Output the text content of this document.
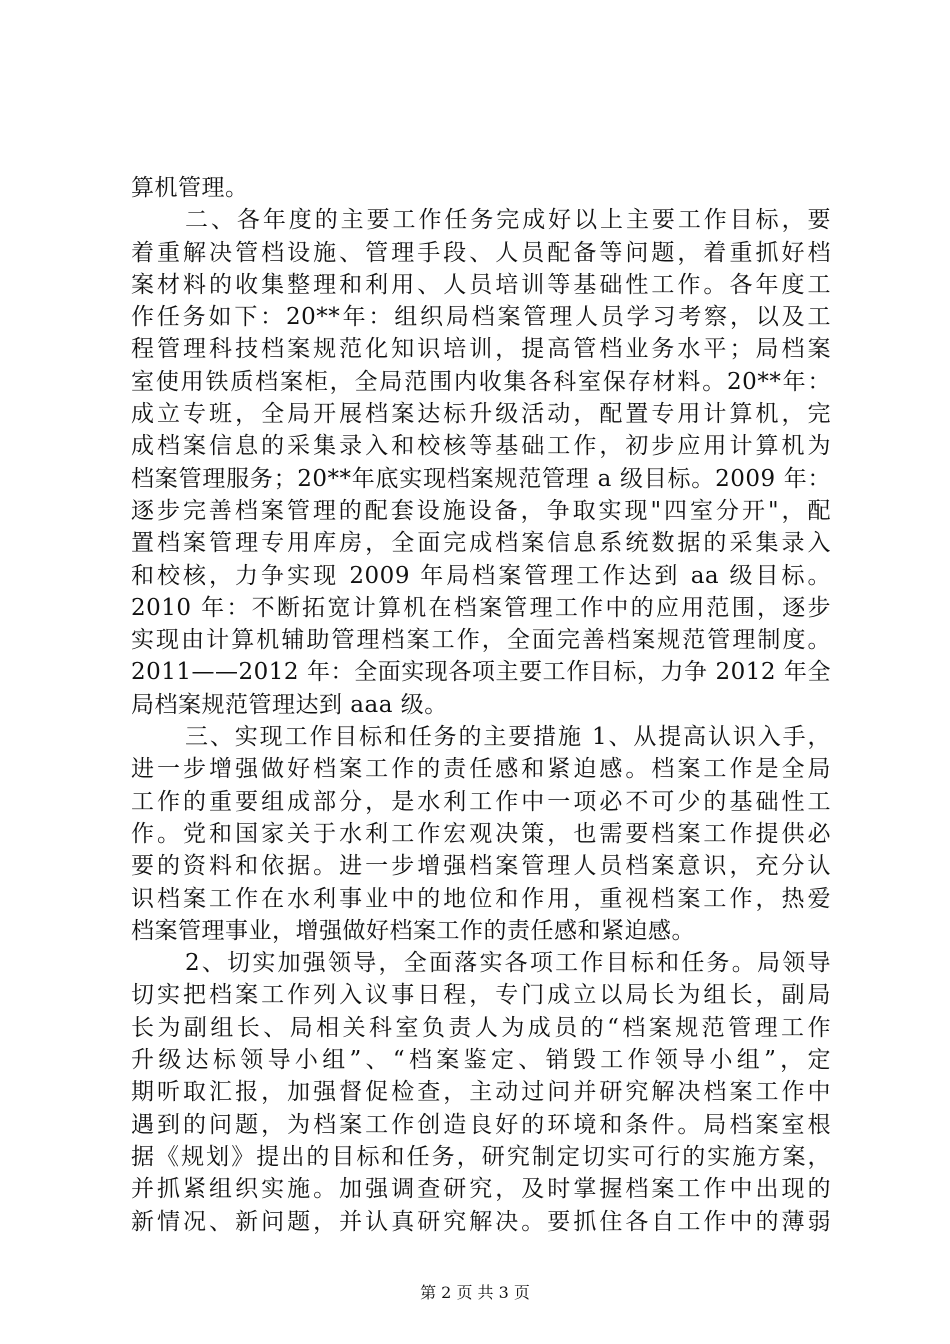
算机管理。
二、各年度的主要工作任务完成好以上主要工作目标，要
着重解决管档设施、管理手段、人员配备等问题，着重抓好档
案材料的收集整理和利用、人员培训等基础性工作。各年度工
作任务如下：20**年：组织局档案管理人员学习考察，以及工
程管理科技档案规范化知识培训，提高管档业务水平；局档案
室使用铁质档案柜，全局范围内收集各科室保存材料。20**年：
成立专班，全局开展档案达标升级活动，配置专用计算机，完
成档案信息的采集录入和校核等基础工作，初步应用计算机为
档案管理服务；20**年底实现档案规范管理 a 级目标。2009 年：
逐步完善档案管理的配套设施设备，争取实现"四室分开"，配
置档案管理专用库房，全面完成档案信息系统数据的采集录入
和校核，力争实现 2009 年局档案管理工作达到 aa 级目标。
2010 年：不断拓宽计算机在档案管理工作中的应用范围，逐步
实现由计算机辅助管理档案工作，全面完善档案规范管理制度。
2011——2012 年：全面实现各项主要工作目标，力争 2012 年全
局档案规范管理达到 aaa 级。
三、实现工作目标和任务的主要措施 1、从提高认识入手，
进一步增强做好档案工作的责任感和紧迫感。档案工作是全局
工作的重要组成部分，是水利工作中一项必不可少的基础性工
作。党和国家关于水利工作宏观决策，也需要档案工作提供必
要的资料和依据。进一步增强档案管理人员档案意识，充分认
识档案工作在水利事业中的地位和作用，重视档案工作，热爱
档案管理事业，增强做好档案工作的责任感和紧迫感。
2、切实加强领导，全面落实各项工作目标和任务。局领导
切实把档案工作列入议事日程，专门成立以局长为组长，副局
长为副组长、局相关科室负责人为成员的“档案规范管理工作
升级达标领导小组”、“档案鉴定、销毁工作领导小组”，定
期听取汇报，加强督促检查，主动过问并研究解决档案工作中
遇到的问题，为档案工作创造良好的环境和条件。局档案室根
据《规划》提出的目标和任务，研究制定切实可行的实施方案，
并抓紧组织实施。加强调查研究，及时掌握档案工作中出现的
新情况、新问题，并认真研究解决。要抓住各自工作中的薄弱
第 2 页 共 3 页
